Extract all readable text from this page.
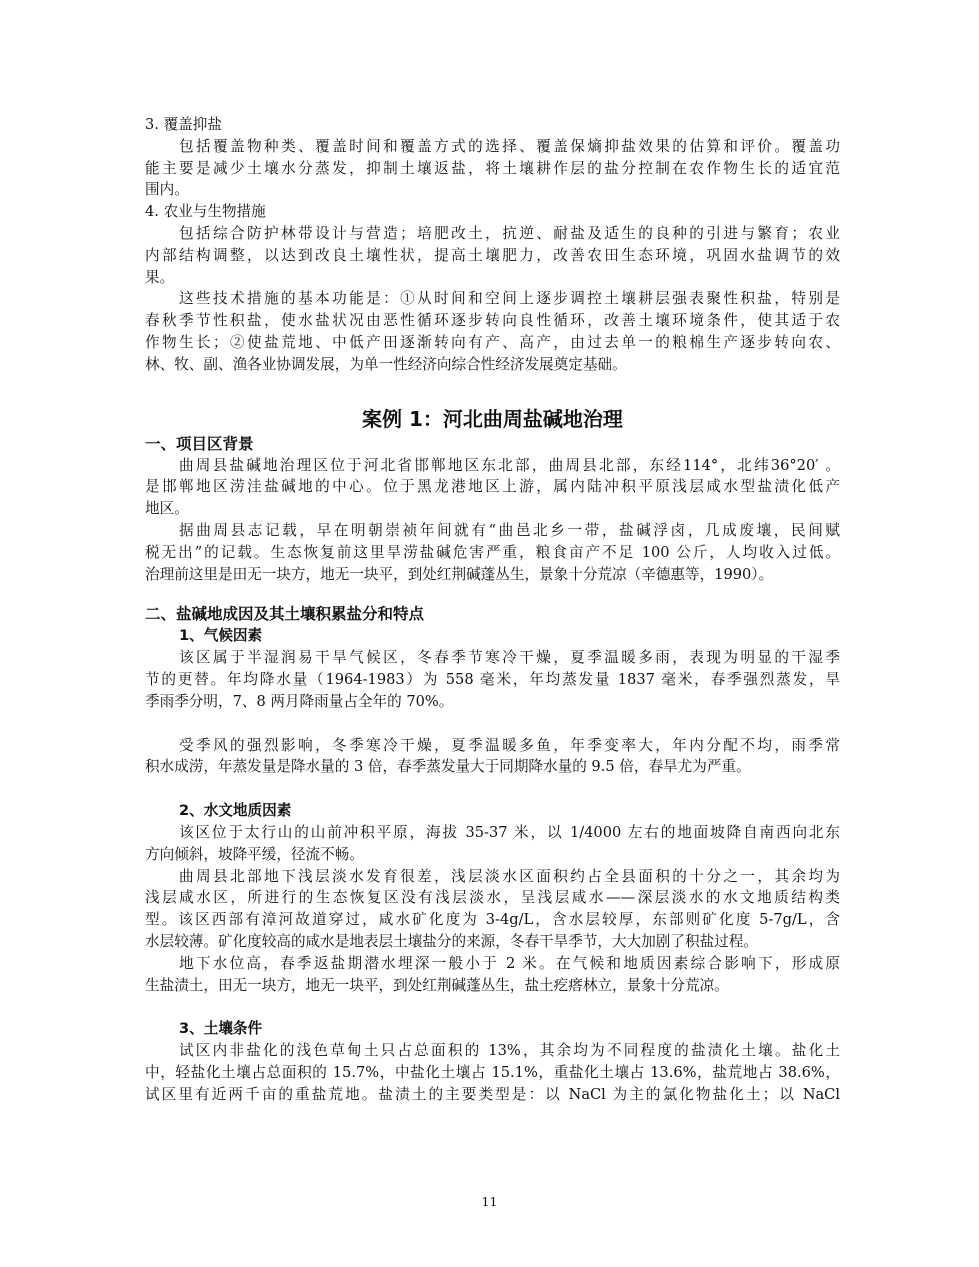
3. 覆盖抑盐
包括覆盖物种类、覆盖时间和覆盖方式的选择、覆盖保熵抑盐效果的估算和评价。覆盖功
能主要是减少土壤水分蒸发，抑制土壤返盐，将土壤耕作层的盐分控制在农作物生长的适宜范
围内。
4. 农业与生物措施
包括综合防护林带设计与营造；培肥改土，抗逆、耐盐及适生的良种的引进与繁育；农业
内部结构调整，以达到改良土壤性状，提高土壤肥力，改善农田生态环境，巩固水盐调节的效
果。
这些技术措施的基本功能是：①从时间和空间上逐步调控土壤耕层强表聚性积盐，特别是
春秋季节性积盐，使水盐状况由恶性循环逐步转向良性循环，改善土壤环境条件，使其适于农
作物生长；②使盐荒地、中低产田逐渐转向有产、高产，由过去单一的粮棉生产逐步转向农、
林、牧、副、渔各业协调发展，为单一性经济向综合性经济发展奠定基础。
案例 1：河北曲周盐碱地治理
一、项目区背景
曲周县盐碱地治理区位于河北省邯郸地区东北部，曲周县北部，东经114°，北纬36°20′ 。
是邯郸地区涝洼盐碱地的中心。位于黑龙港地区上游，属内陆冲积平原浅层咸水型盐渍化低产
地区。
据曲周县志记载，早在明朝崇祯年间就有“曲邑北乡一带，盐碱浮卤，几成废壤，民间赋
税无出”的记载。生态恢复前这里旱涝盐碱危害严重，粮食亩产不足 100 公斤，人均收入过低。
治理前这里是田无一块方，地无一块平，到处红荆碱蓬丛生，景象十分荒凉（辛德惠等，1990）。
二、盐碱地成因及其土壤积累盐分和特点
1、气候因素
该区属于半湿润易干旱气候区，冬春季节寒冷干燥，夏季温暖多雨，表现为明显的干湿季
节的更替。年均降水量（1964-1983）为 558 毫米，年均蒸发量 1837 毫米，春季强烈蒸发，旱
季雨季分明，7、8 两月降雨量占全年的 70%。
受季风的强烈影响，冬季寒冷干燥，夏季温暖多鱼，年季变率大，年内分配不均，雨季常
积水成涝，年蒸发量是降水量的 3 倍，春季蒸发量大于同期降水量的 9.5 倍，春旱尤为严重。
2、水文地质因素
该区位于太行山的山前冲积平原，海拔 35-37 米，以 1/4000 左右的地面坡降自南西向北东
方向倾斜，坡降平缓，径流不畅。
曲周县北部地下浅层淡水发育很差，浅层淡水区面积约占全县面积的十分之一，其余均为
浅层咸水区，所进行的生态恢复区没有浅层淡水，呈浅层咸水——深层淡水的水文地质结构类
型。该区西部有漳河故道穿过，咸水矿化度为 3-4g/L，含水层较厚，东部则矿化度 5-7g/L，含
水层较薄。矿化度较高的咸水是地表层土壤盐分的来源，冬春干旱季节，大大加剧了积盐过程。
地下水位高，春季返盐期潜水埋深一般小于 2 米。在气候和地质因素综合影响下，形成原
生盐渍土，田无一块方，地无一块平，到处红荆碱蓬丛生，盐土疙瘩林立，景象十分荒凉。
3、土壤条件
试区内非盐化的浅色草甸土只占总面积的 13%，其余均为不同程度的盐渍化土壤。盐化土
中，轻盐化土壤占总面积的 15.7%，中盐化土壤占 15.1%，重盐化土壤占 13.6%，盐荒地占 38.6%，
试区里有近两千亩的重盐荒地。盐渍土的主要类型是：以 NaCl 为主的氯化物盐化土；以 NaCl
11
